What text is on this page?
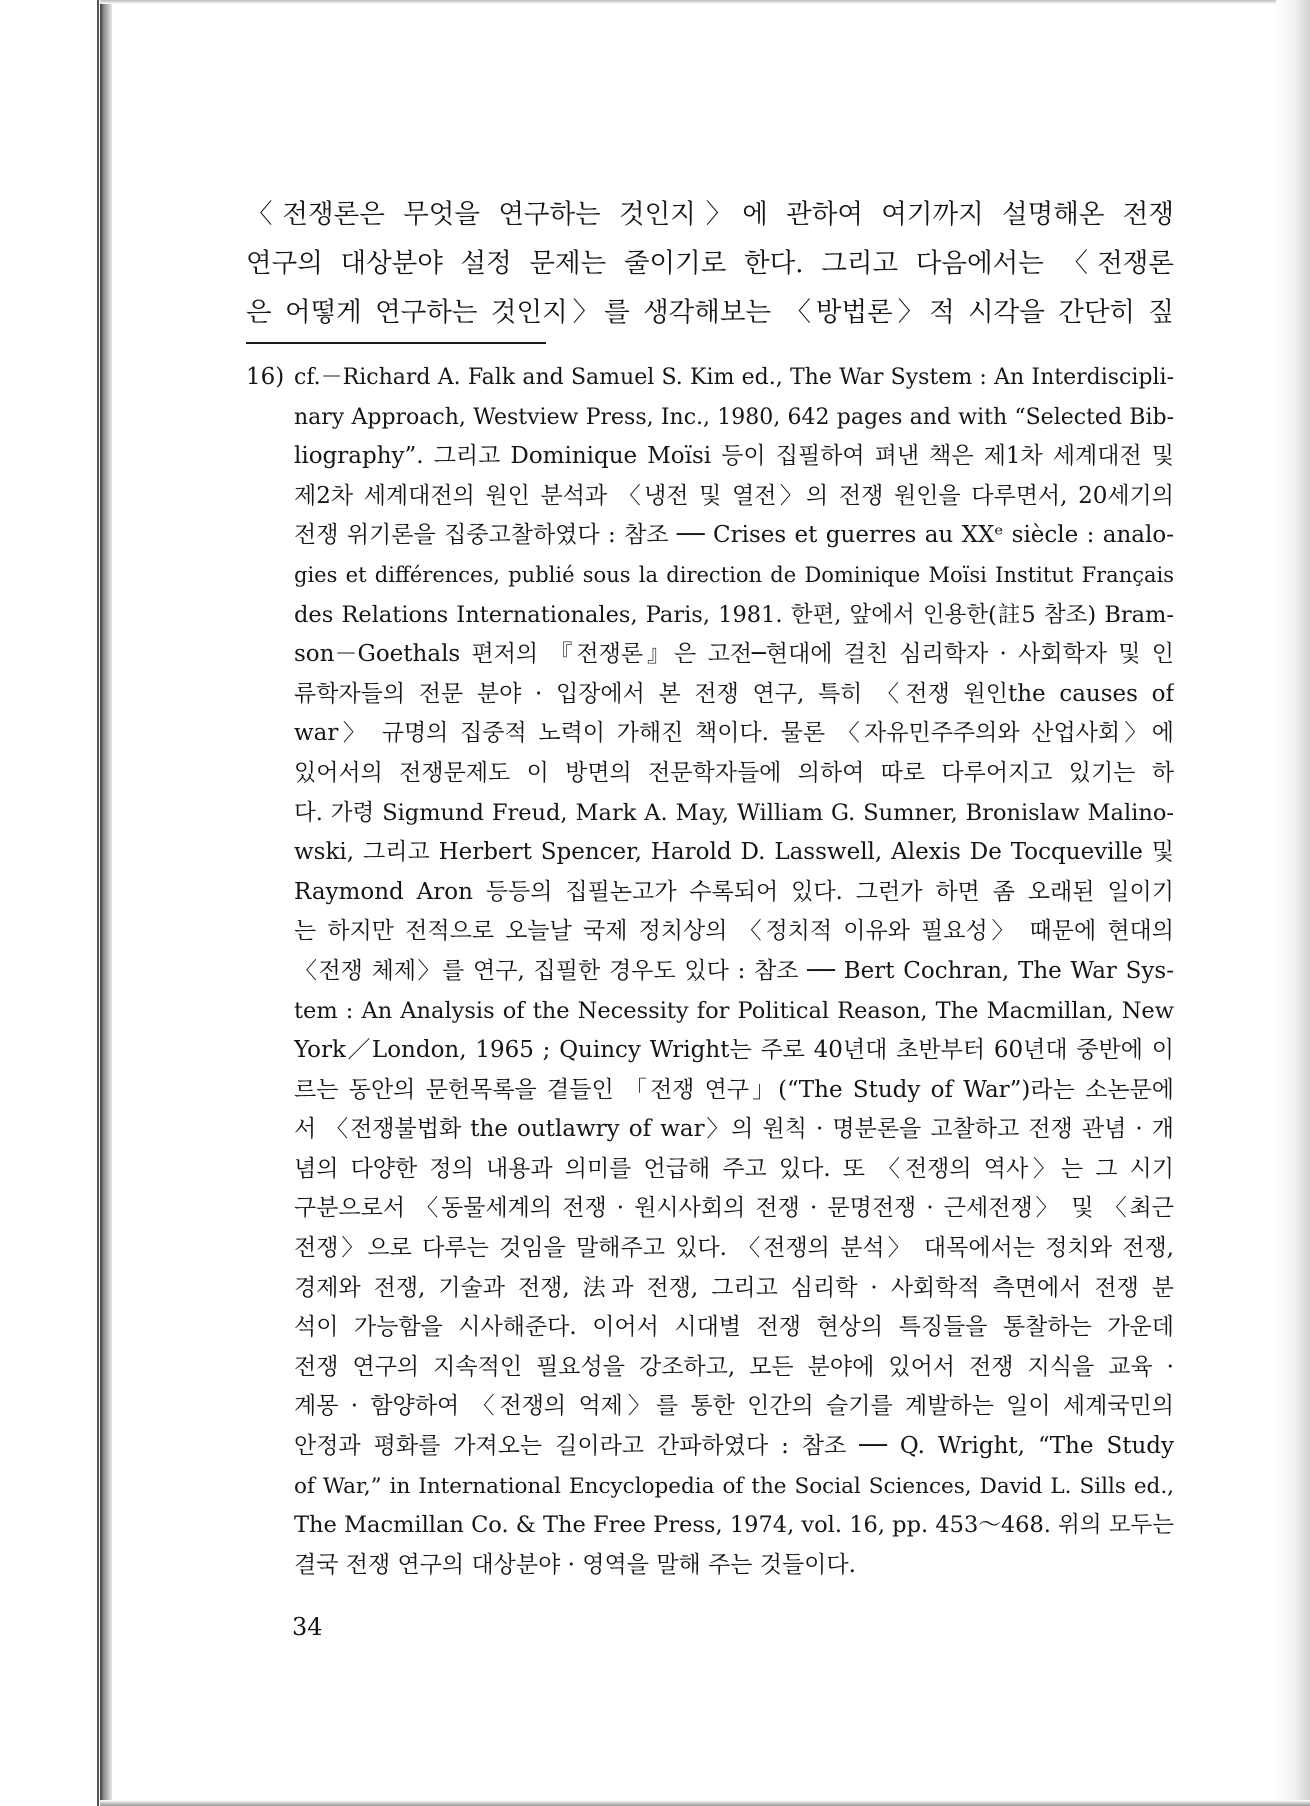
〈전쟁론은 무엇을 연구하는 것인지〉에 관하여 여기까지 설명해온 전쟁
연구의 대상분야 설정 문제는 줄이기로 한다. 그리고 다음에서는 〈전쟁론
은 어떻게 연구하는 것인지〉를 생각해보는 〈방법론〉적 시각을 간단히 짚
16) cf.－Richard A. Falk and Samuel S. Kim ed., The War System : An Interdiscipli-
nary Approach, Westview Press, Inc., 1980, 642 pages and with “Selected Bib-
liography”. 그리고 Dominique Moïsi 등이 집필하여 펴낸 책은 제1차 세계대전 및
제2차 세계대전의 원인 분석과 〈냉전 및 열전〉의 전쟁 원인을 다루면서, 20세기의
전쟁 위기론을 집중고찰하였다 : 참조 ── Crises et guerres au XXᵉ siècle : analo-
gies et différences, publié sous la direction de Dominique Moïsi Institut Français
des Relations Internationales, Paris, 1981. 한편, 앞에서 인용한(註5 참조) Bram-
son－Goethals 편저의 『전쟁론』은 고전─현대에 걸친 심리학자 · 사회학자 및 인
류학자들의 전문 분야 · 입장에서 본 전쟁 연구, 특히 〈전쟁 원인the causes of
war〉 규명의 집중적 노력이 가해진 책이다. 물론 〈자유민주주의와 산업사회〉에
있어서의 전쟁문제도 이 방면의 전문학자들에 의하여 따로 다루어지고 있기는 하
다. 가령 Sigmund Freud, Mark A. May, William G. Sumner, Bronislaw Malino-
wski, 그리고 Herbert Spencer, Harold D. Lasswell, Alexis De Tocqueville 및
Raymond Aron 등등의 집필논고가 수록되어 있다. 그런가 하면 좀 오래된 일이기
는 하지만 전적으로 오늘날 국제 정치상의 〈정치적 이유와 필요성〉 때문에 현대의
〈전쟁 체제〉를 연구, 집필한 경우도 있다 : 참조 ── Bert Cochran, The War Sys-
tem : An Analysis of the Necessity for Political Reason, The Macmillan, New
York／London, 1965 ; Quincy Wright는 주로 40년대 초반부터 60년대 중반에 이
르는 동안의 문헌목록을 곁들인 「전쟁 연구」(“The Study of War”)라는 소논문에
서 〈전쟁불법화 the outlawry of war〉의 원칙 · 명분론을 고찰하고 전쟁 관념 · 개
념의 다양한 정의 내용과 의미를 언급해 주고 있다. 또 〈전쟁의 역사〉는 그 시기
구분으로서 〈동물세계의 전쟁 · 원시사회의 전쟁 · 문명전쟁 · 근세전쟁〉 및 〈최근
전쟁〉으로 다루는 것임을 말해주고 있다. 〈전쟁의 분석〉 대목에서는 정치와 전쟁,
경제와 전쟁, 기술과 전쟁, 法과 전쟁, 그리고 심리학 · 사회학적 측면에서 전쟁 분
석이 가능함을 시사해준다. 이어서 시대별 전쟁 현상의 특징들을 통찰하는 가운데
전쟁 연구의 지속적인 필요성을 강조하고, 모든 분야에 있어서 전쟁 지식을 교육 ·
계몽 · 함양하여 〈전쟁의 억제〉를 통한 인간의 슬기를 계발하는 일이 세계국민의
안정과 평화를 가져오는 길이라고 간파하였다 : 참조 ── Q. Wright, “The Study
of War,” in International Encyclopedia of the Social Sciences, David L. Sills ed.,
The Macmillan Co. & The Free Press, 1974, vol. 16, pp. 453～468. 위의 모두는
결국 전쟁 연구의 대상분야 · 영역을 말해 주는 것들이다.
34
